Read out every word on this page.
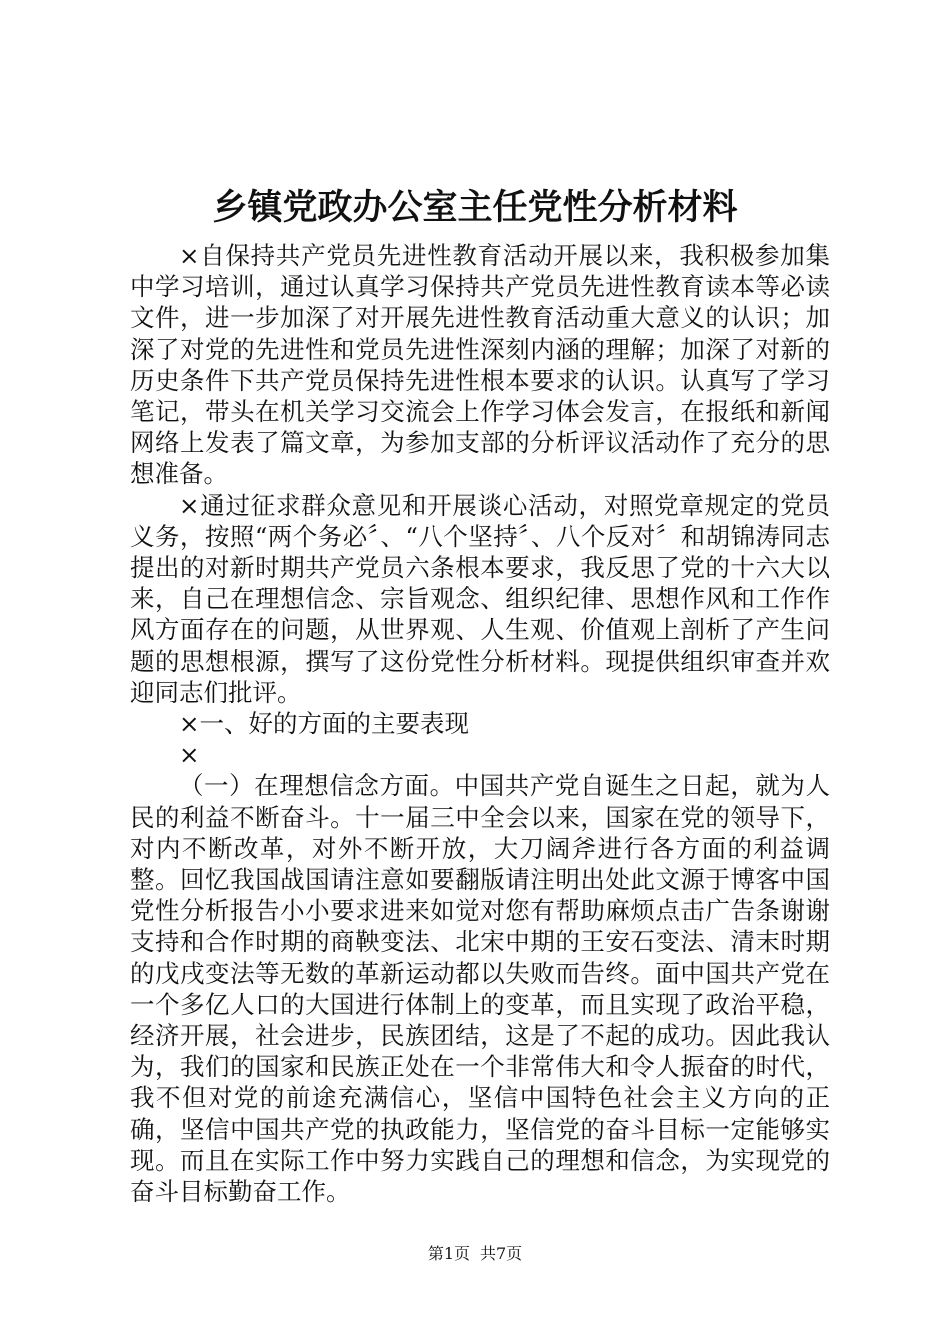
乡镇党政办公室主任党性分析材料

×自保持共产党员先进性教育活动开展以来，我积极参加集中学习培训，通过认真学习保持共产党员先进性教育读本等必读文件，进一步加深了对开展先进性教育活动重大意义的认识；加深了对党的先进性和党员先进性深刻内涵的理解；加深了对新的历史条件下共产党员保持先进性根本要求的认识。认真写了学习笔记，带头在机关学习交流会上作学习体会发言，在报纸和新闻网络上发表了篇文章，为参加支部的分析评议活动作了充分的思想准备。

×通过征求群众意见和开展谈心活动，对照党章规定的党员义务，按照“两个务必〞、“八个坚持〞、八个反对〞和胡锦涛同志提出的对新时期共产党员六条根本要求，我反思了党的十六大以来，自己在理想信念、宗旨观念、组织纪律、思想作风和工作作风方面存在的问题，从世界观、人生观、价值观上剖析了产生问题的思想根源，撰写了这份党性分析材料。现提供组织审查并欢迎同志们批评。

×一、好的方面的主要表现

×

（一）在理想信念方面。中国共产党自诞生之日起，就为人民的利益不断奋斗。十一届三中全会以来，国家在党的领导下，对内不断改革，对外不断开放，大刀阔斧进行各方面的利益调整。回忆我国战国请注意如要翻版请注明出处此文源于博客中国党性分析报告小小要求进来如觉对您有帮助麻烦点击广告条谢谢支持和合作时期的商鞅变法、北宋中期的王安石变法、清末时期的戊戌变法等无数的革新运动都以失败而告终。面中国共产党在一个多亿人口的大国进行体制上的变革，而且实现了政治平稳，经济开展，社会进步，民族团结，这是了不起的成功。因此我认为，我们的国家和民族正处在一个非常伟大和令人振奋的时代，我不但对党的前途充满信心，坚信中国特色社会主义方向的正确，坚信中国共产党的执政能力，坚信党的奋斗目标一定能够实现。而且在实际工作中努力实践自己的理想和信念，为实现党的奋斗目标勤奋工作。

第1页 共7页
